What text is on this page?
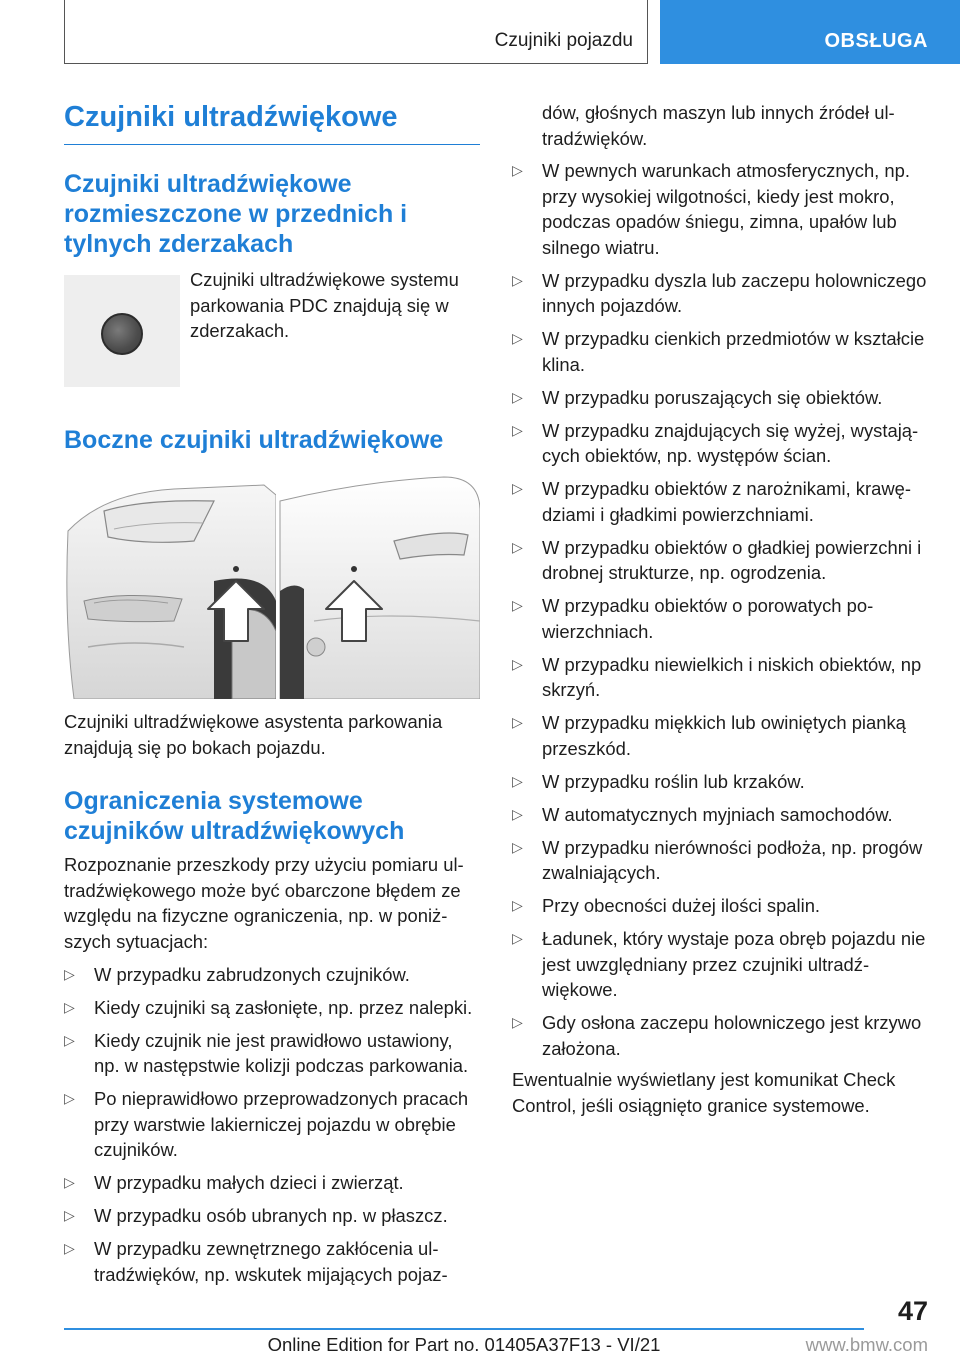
Czujniki pojazdu	OBSŁUGA
Czujniki ultradźwiękowe
Czujniki ultradźwiękowe rozmieszczone w przednich i tylnych zderzakach

Czujniki ultradźwiękowe systemu parkowania PDC znajdują się w zderzakach.

Boczne czujniki ultradźwiękowe

Czujniki ultradźwiękowe asystenta parkowania znajdują się po bokach pojazdu.

Ograniczenia systemowe czujników ultradźwiękowych

Rozpoznanie przeszkody przy użyciu pomiaru ultradźwiękowego może być obarczone błędem ze względu na fizyczne ograniczenia, np. w poniższych sytuacjach:

▷ W przypadku zabrudzonych czujników.
▷ Kiedy czujniki są zasłonięte, np. przez nalepki.
▷ Kiedy czujnik nie jest prawidłowo ustawiony, np. w następstwie kolizji podczas parkowania.
▷ Po nieprawidłowo przeprowadzonych pracach przy warstwie lakierniczej pojazdu w obrębie czujników.
▷ W przypadku małych dzieci i zwierząt.
▷ W przypadku osób ubranych np. w płaszcz.
▷ W przypadku zewnętrznego zakłócenia ultradźwięków, np. wskutek mijających pojaz-
dów, głośnych maszyn lub innych źródeł ultradźwięków.
▷ W pewnych warunkach atmosferycznych, np. przy wysokiej wilgotności, kiedy jest mokro, podczas opadów śniegu, zimna, upałów lub silnego wiatru.
▷ W przypadku dyszla lub zaczepu holowniczego innych pojazdów.
▷ W przypadku cienkich przedmiotów w kształcie klina.
▷ W przypadku poruszających się obiektów.
▷ W przypadku znajdujących się wyżej, wystających obiektów, np. występów ścian.
▷ W przypadku obiektów z narożnikami, krawędziami i gładkimi powierzchniami.
▷ W przypadku obiektów o gładkiej powierzchni i drobnej strukturze, np. ogrodzenia.
▷ W przypadku obiektów o porowatych powierzchniach.
▷ W przypadku niewielkich i niskich obiektów, np skrzyń.
▷ W przypadku miękkich lub owiniętych pianką przeszkód.
▷ W przypadku roślin lub krzaków.
▷ W automatycznych myjniach samochodów.
▷ W przypadku nierówności podłoża, np. progów zwalniających.
▷ Przy obecności dużej ilości spalin.
▷ Ładunek, który wystaje poza obręb pojazdu nie jest uwzględniany przez czujniki ultradźwiękowe.
▷ Gdy osłona zaczepu holowniczego jest krzywo założona.

Ewentualnie wyświetlany jest komunikat Check Control, jeśli osiągnięto granice systemowe.

47
Online Edition for Part no. 01405A37F13 - VI/21	www.bmw.com
